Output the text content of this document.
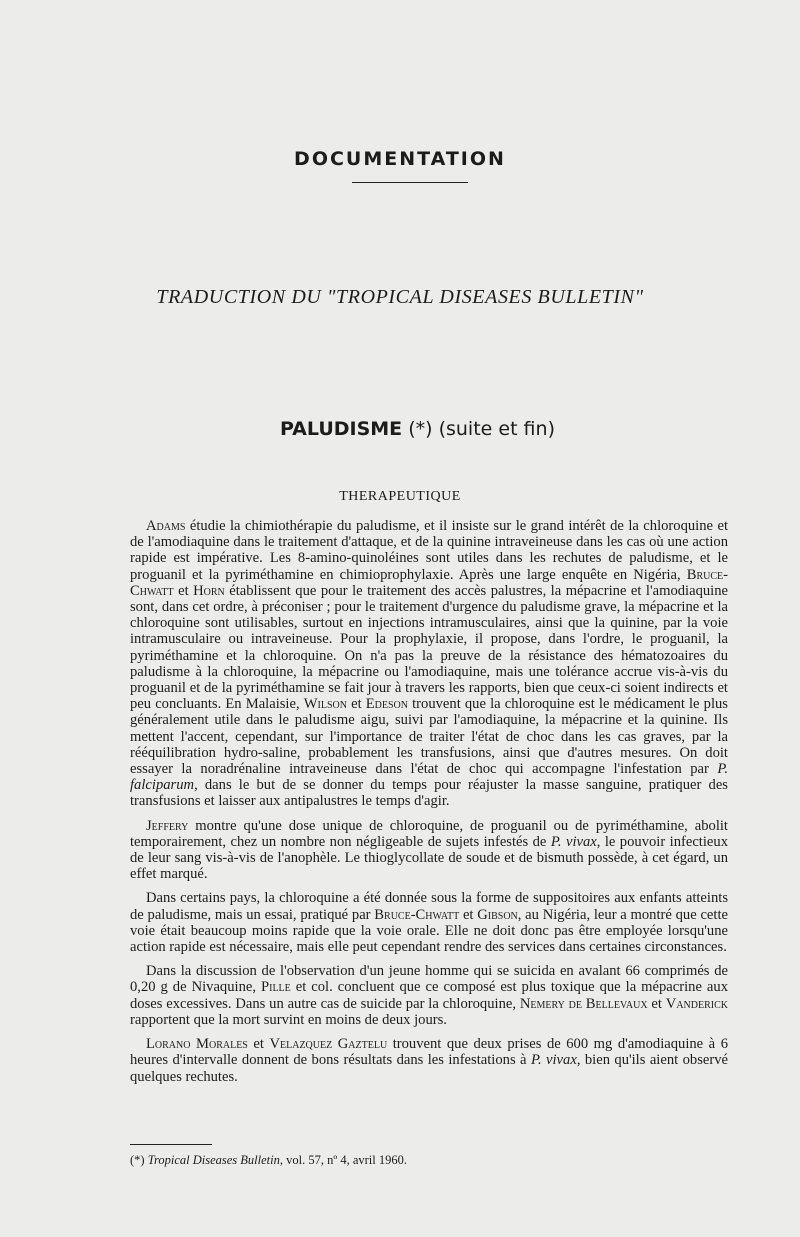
DOCUMENTATION
TRADUCTION DU "TROPICAL DISEASES BULLETIN"
PALUDISME (*) (suite et fin)
THERAPEUTIQUE

Adams étudie la chimiothérapie du paludisme, et il insiste sur le grand intérêt de la chloroquine et de l'amodiaquine dans le traitement d'attaque, et de la quinine intraveineuse dans les cas où une action rapide est impérative. Les 8-amino-quinoléines sont utiles dans les rechutes de paludisme, et le proguanil et la pyriméthamine en chimioprophylaxie. Après une large enquête en Nigéria, Bruce-Chwatt et Horn établissent que pour le traitement des accès palustres, la mépacrine et l'amodiaquine sont, dans cet ordre, à préconiser ; pour le traitement d'urgence du paludisme grave, la mépacrine et la chloroquine sont utilisables, surtout en injections intramusculaires, ainsi que la quinine, par la voie intramusculaire ou intraveineuse. Pour la prophylaxie, il propose, dans l'ordre, le proguanil, la pyriméthamine et la chloroquine. On n'a pas la preuve de la résistance des hématozoaires du paludisme à la chloroquine, la mépacrine ou l'amodiaquine, mais une tolérance accrue vis-à-vis du proguanil et de la pyriméthamine se fait jour à travers les rapports, bien que ceux-ci soient indirects et peu concluants. En Malaisie, Wilson et Edeson trouvent que la chloroquine est le médicament le plus généralement utile dans le paludisme aigu, suivi par l'amodiaquine, la mépacrine et la quinine. Ils mettent l'accent, cependant, sur l'importance de traiter l'état de choc dans les cas graves, par la rééquilibration hydro-saline, probablement les transfusions, ainsi que d'autres mesures. On doit essayer la noradrénaline intraveineuse dans l'état de choc qui accompagne l'infestation par P. falciparum, dans le but de se donner du temps pour réajuster la masse sanguine, pratiquer des transfusions et laisser aux antipalustres le temps d'agir.

Jeffery montre qu'une dose unique de chloroquine, de proguanil ou de pyriméthamine, abolit temporairement, chez un nombre non négligeable de sujets infestés de P. vivax, le pouvoir infectieux de leur sang vis-à-vis de l'anophèle. Le thioglycollate de soude et de bismuth possède, à cet égard, un effet marqué.

Dans certains pays, la chloroquine a été donnée sous la forme de suppositoires aux enfants atteints de paludisme, mais un essai, pratiqué par Bruce-Chwatt et Gibson, au Nigéria, leur a montré que cette voie était beaucoup moins rapide que la voie orale. Elle ne doit donc pas être employée lorsqu'une action rapide est nécessaire, mais elle peut cependant rendre des services dans certaines circonstances.

Dans la discussion de l'observation d'un jeune homme qui se suicida en avalant 66 comprimés de 0,20 g de Nivaquine, Pille et col. concluent que ce composé est plus toxique que la mépacrine aux doses excessives. Dans un autre cas de suicide par la chloroquine, Nemery de Bellevaux et Vanderick rapportent que la mort survint en moins de deux jours.

Lorano Morales et Velazquez Gaztelu trouvent que deux prises de 600 mg d'amodiaquine à 6 heures d'intervalle donnent de bons résultats dans les infestations à P. vivax, bien qu'ils aient observé quelques rechutes.

(*) Tropical Diseases Bulletin, vol. 57, nº 4, avril 1960.
